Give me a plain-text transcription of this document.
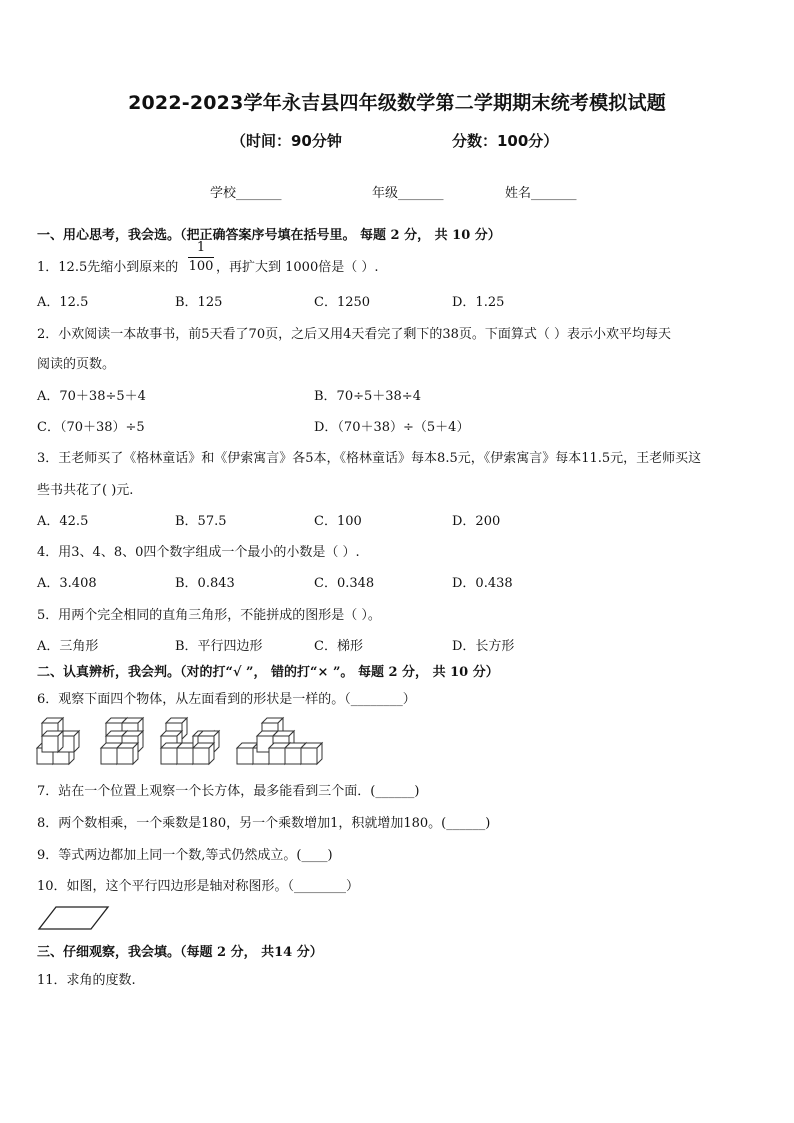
2022-2023学年永吉县四年级数学第二学期期末统考模拟试题
（时间：90分钟	分数：100分）
学校_______	年级_______	姓名_______
一、用心思考，我会选。（把正确答案序号填在括号里。 每题 2 分， 共 10 分）
1．12.5先缩小到原来的
1
100 ，再扩大到 1000倍是（ ）.
A．12.5	B．125	C．1250	D．1.25
2．小欢阅读一本故事书，前5天看了70页，之后又用4天看完了剩下的38页。下面算式（ ）表示小欢平均每天
阅读的页数。
A．70＋38÷5＋4	B．70÷5＋38÷4
C．（70＋38）÷5	D．（70＋38）÷（5＋4）
3．王老师买了《格林童话》和《伊索寓言》各5本，《格林童话》每本8.5元，《伊索寓言》每本11.5元，王老师买这
些书共花了( )元.
A．42.5	B．57.5	C．100	D．200
4．用3、4、8、0四个数字组成一个最小的小数是（ ）.
A．3.408	B．0.843	C．0.348	D．0.438
5．用两个完全相同的直角三角形，不能拼成的图形是（ ）。
A．三角形	B．平行四边形	C．梯形	D．长方形
二、认真辨析，我会判。（对的打“√ ”， 错的打“× ”。 每题 2 分， 共 10 分）
6．观察下面四个物体，从左面看到的形状是一样的。（________）
7．站在一个位置上观察一个长方体，最多能看到三个面．(______)
8．两个数相乘，一个乘数是180，另一个乘数增加1，积就增加180。(______)
9．等式两边都加上同一个数,等式仍然成立。(____)
10．如图，这个平行四边形是轴对称图形。（________）
三、仔细观察，我会填。（每题 2 分， 共14 分）
11．求角的度数.
